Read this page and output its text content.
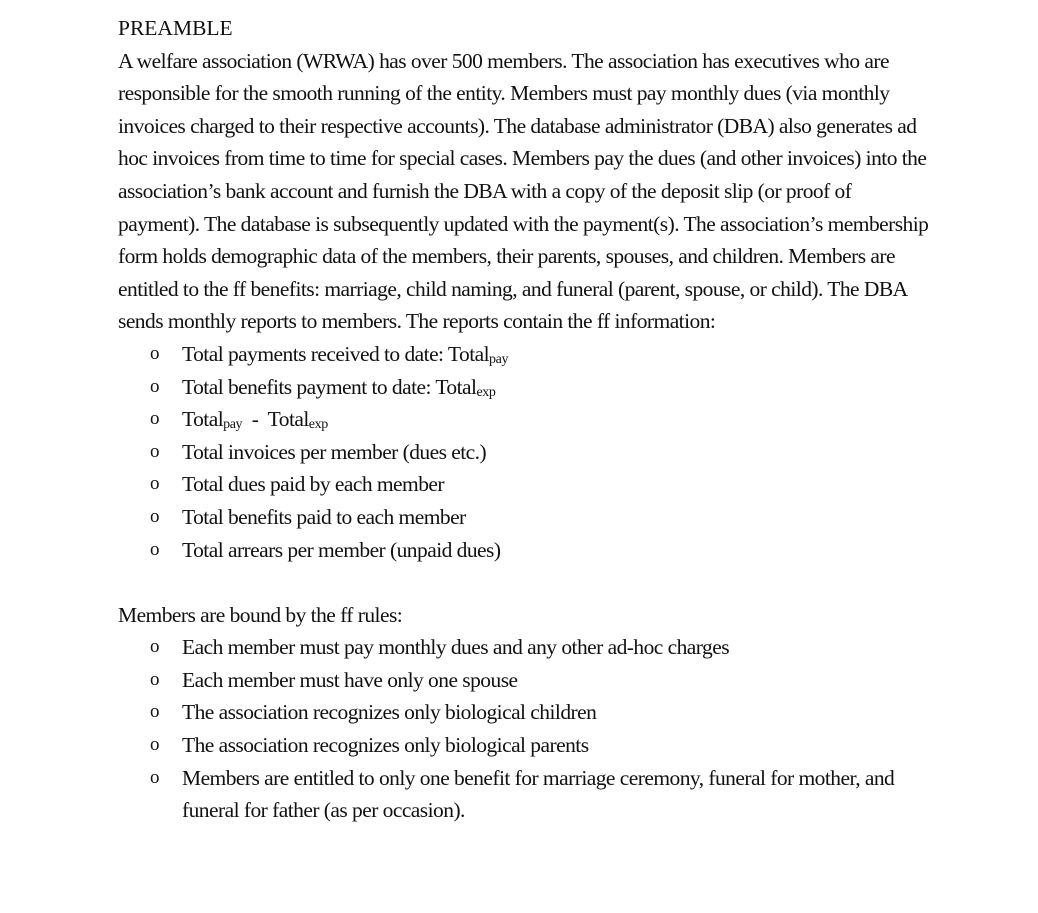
PREAMBLE

A welfare association (WRWA) has over 500 members. The association has executives who are responsible for the smooth running of the entity. Members must pay monthly dues (via monthly invoices charged to their respective accounts). The database administrator (DBA) also generates ad hoc invoices from time to time for special cases. Members pay the dues (and other invoices) into the association’s bank account and furnish the DBA with a copy of the deposit slip (or proof of payment). The database is subsequently updated with the payment(s). The association’s membership form holds demographic data of the members, their parents, spouses, and children. Members are entitled to the ff benefits: marriage, child naming, and funeral (parent, spouse, or child). The DBA sends monthly reports to members. The reports contain the ff information:

o Total payments received to date: Total$_{pay}$
o Total benefits payment to date: Total$_{exp}$
o Total$_{pay}$  -  Total$_{exp}$
o Total invoices per member (dues etc.)
o Total dues paid by each member
o Total benefits paid to each member
o Total arrears per member (unpaid dues)

Members are bound by the ff rules:

o Each member must pay monthly dues and any other ad-hoc charges
o Each member must have only one spouse
o The association recognizes only biological children
o The association recognizes only biological parents
o Members are entitled to only one benefit for marriage ceremony, funeral for mother, and funeral for father (as per occasion).
